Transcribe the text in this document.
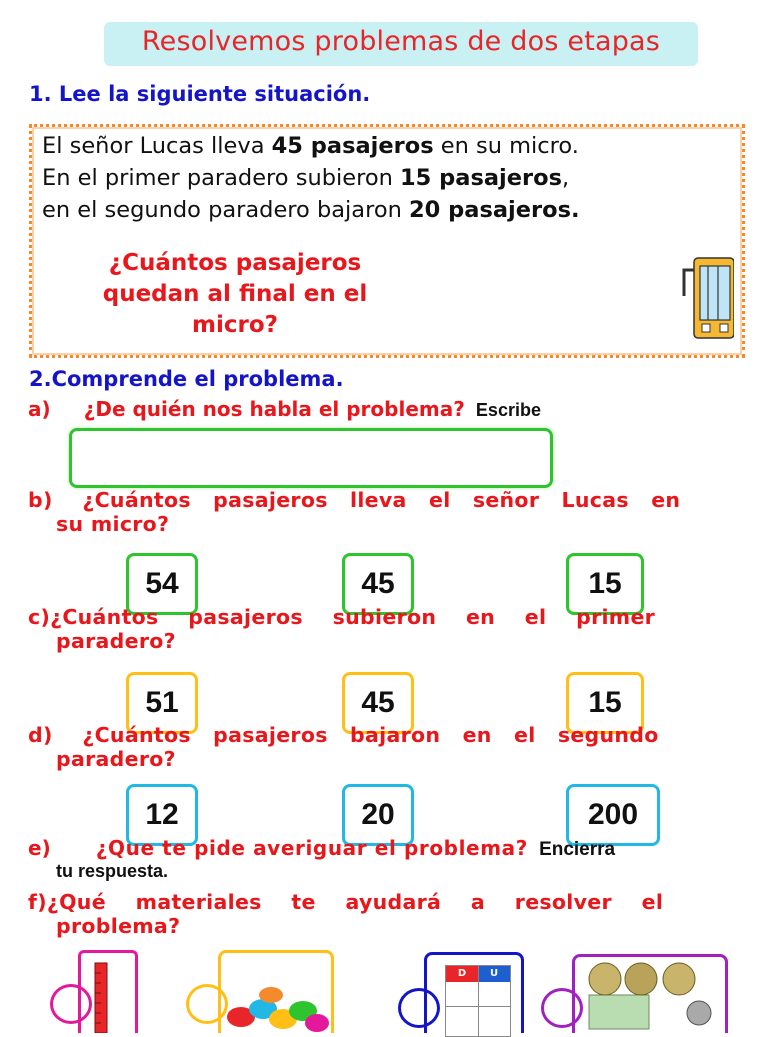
Resolvemos problemas de dos etapas
1. Lee la siguiente situación.
El señor Lucas lleva 45 pasajeros en su micro.
En el primer paradero subieron 15 pasajeros,
en el segundo paradero bajaron 20 pasajeros.
¿Cuántos pasajeros quedan al final en el micro?
2.Comprende el problema.
a) ¿De quién nos habla el problema? Escribe
b)    ¿Cuántos   pasajeros   lleva   el   señor   Lucas   en
su micro?
54	45	15
c)¿Cuántos    pasajeros    subieron    en    el    primer
paradero?
51	45	15
d)    ¿Cuántos   pasajeros   bajaron   en   el   segundo
paradero?
12	20	200
e) ¿Que te pide averiguar el problema? Encierra
tu respuesta.
f)¿Qué    materiales    te    ayudará    a    resolver    el
problema?
D	U
